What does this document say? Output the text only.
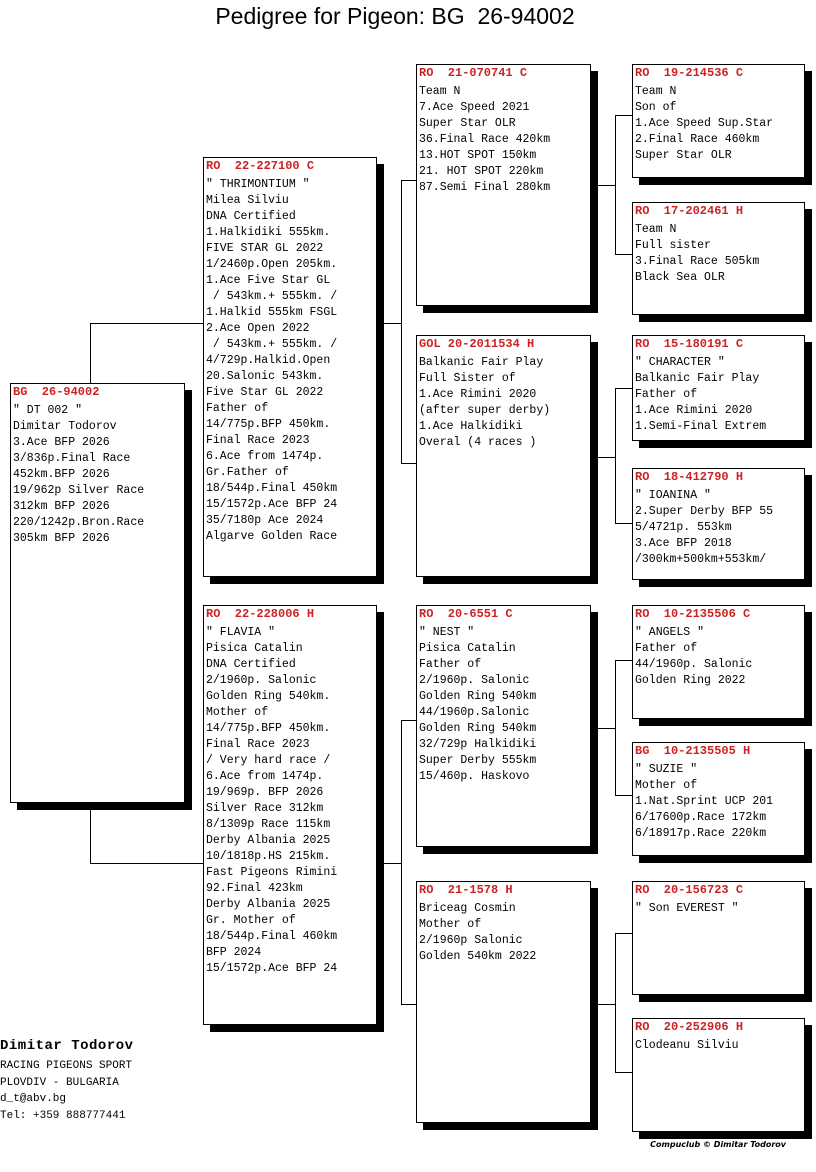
Pedigree for Pigeon: BG  26-94002
BG  26-94002
" DT 002 "
Dimitar Todorov
3.Ace BFP 2026
3/836p.Final Race
452km.BFP 2026
19/962p Silver Race
312km BFP 2026
220/1242p.Bron.Race
305km BFP 2026
RO  22-227100 C
" THRIMONTIUM "
Milea Silviu
DNA Certified
1.Halkidiki 555km.
FIVE STAR GL 2022
1/2460p.Open 205km.
1.Ace Five Star GL
/ 543km.+ 555km. /
1.Halkid 555km FSGL
2.Ace Open 2022
/ 543km.+ 555km. /
4/729p.Halkid.Open
20.Salonic 543km.
Five Star GL 2022
Father of
14/775p.BFP 450km.
Final Race 2023
6.Ace from 1474p.
Gr.Father of
18/544p.Final 450km
15/1572p.Ace BFP 24
35/7180p Ace 2024
Algarve Golden Race
RO  22-228006 H
" FLAVIA "
Pisica Catalin
DNA Certified
2/1960p. Salonic
Golden Ring 540km.
Mother of
14/775p.BFP 450km.
Final Race 2023
/ Very hard race /
6.Ace from 1474p.
19/969p. BFP 2026
Silver Race 312km
8/1309p Race 115km
Derby Albania 2025
10/1818p.HS 215km.
Fast Pigeons Rimini
92.Final 423km
Derby Albania 2025
Gr. Mother of
18/544p.Final 460km
BFP 2024
15/1572p.Ace BFP 24
RO  21-070741 C
Team N
7.Ace Speed 2021
Super Star OLR
36.Final Race 420km
13.HOT SPOT 150km
21. HOT SPOT 220km
87.Semi Final 280km
GOL 20-2011534 H
Balkanic Fair Play
Full Sister of
1.Ace Rimini 2020
(after super derby)
1.Ace Halkidiki
Overal (4 races )
RO  20-6551 C
" NEST "
Pisica Catalin
Father of
2/1960p. Salonic
Golden Ring 540km
44/1960p.Salonic
Golden Ring 540km
32/729p Halkidiki
Super Derby 555km
15/460p. Haskovo
RO  21-1578 H
Briceag Cosmin
Mother of
2/1960p Salonic
Golden 540km 2022
RO  19-214536 C
Team N
Son of
1.Ace Speed Sup.Star
2.Final Race 460km
Super Star OLR
RO  17-202461 H
Team N
Full sister
3.Final Race 505km
Black Sea OLR
RO  15-180191 C
" CHARACTER "
Balkanic Fair Play
Father of
1.Ace Rimini 2020
1.Semi-Final Extrem
RO  18-412790 H
" IOANINA "
2.Super Derby BFP 55
5/4721p. 553km
3.Ace BFP 2018
/300km+500km+553km/
RO  10-2135506 C
" ANGELS "
Father of
44/1960p. Salonic
Golden Ring 2022
BG  10-2135505 H
" SUZIE "
Mother of
1.Nat.Sprint UCP 201
6/17600p.Race 172km
6/18917p.Race 220km
RO  20-156723 C
" Son EVEREST "
RO  20-252906 H
Clodeanu Silviu
Dimitar Todorov
RACING PIGEONS SPORT
PLOVDIV - BULGARIA
d_t@abv.bg
Tel: +359 888777441
Compuclub © Dimitar Todorov
